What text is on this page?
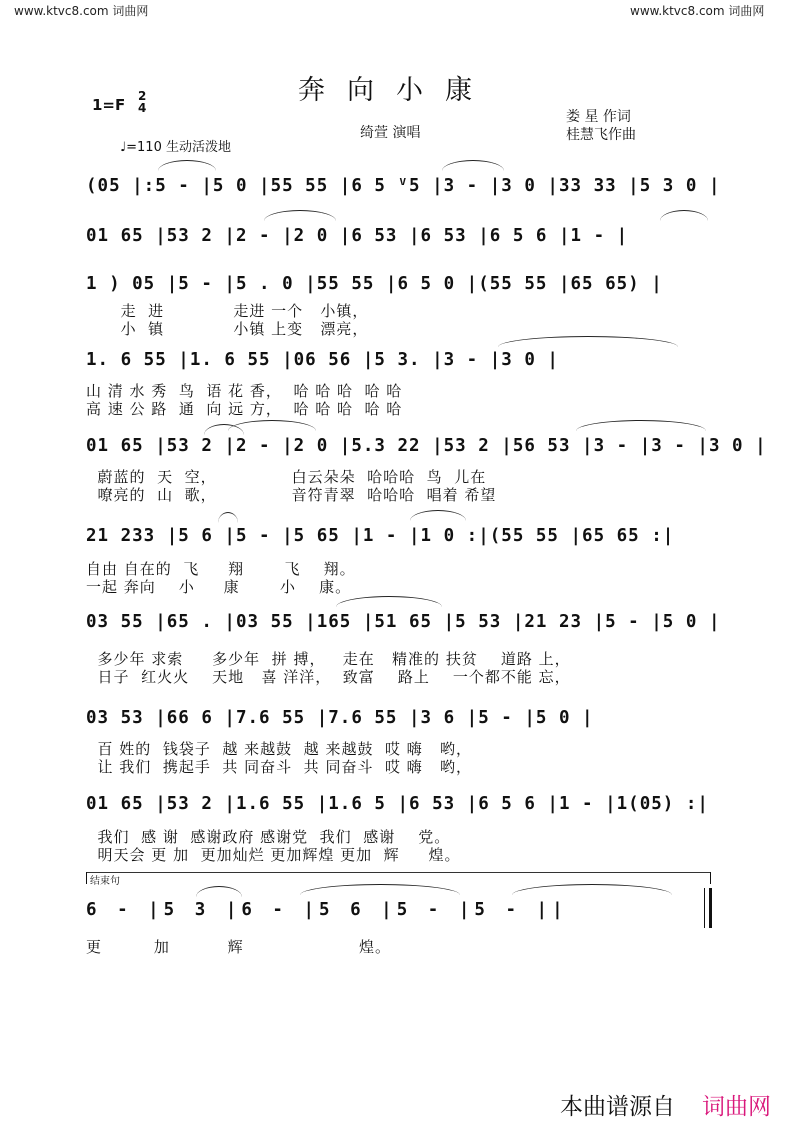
www.ktvc8.com 词曲网	www.ktvc8.com 词曲网
奔向小康
1=F 2
4
♩=110 生动活泼地
绮萱 演唱
娄 星 作词
桂慧飞作曲
(05 |:5 - |5 0 |55 55 |6 5 ⱽ5 |3 - |3 0 |33 33 |5 3 0 |
01 65 |53 2 |2 - |2 0 |6 53 |6 53 |6 5 6 |1 - |
1 ) 05 |5 - |5 . 0 |55 55 |6 5 0 |(55 55 |65 65) |
走  进            走进 一个   小镇，
小  镇            小镇 上变   漂亮，
1. 6 55 |1. 6 55 |06 56 |5 3. |3 - |3 0 |
山 清 水 秀  鸟  语 花 香，  哈 哈 哈  哈 哈
高 速 公 路  通  向 远 方，  哈 哈 哈  哈 哈
01 65 |53 2 |2 - |2 0 |5.3 22 |53 2 |56 53 |3 - |3 - |3 0 |
蔚蓝的  天  空，             白云朵朵  哈哈哈  鸟  儿在
嘹亮的  山  歌，             音符青翠  哈哈哈  唱着 希望
21 233 |5 6 |5 - |5 65 |1 - |1 0 :|(55 55 |65 65 :|
自由 自在的  飞     翔       飞    翔。
一起 奔向    小     康       小    康。
03 55 |65 . |03 55 |165 |51 65 |5 53 |21 23 |5 - |5 0 |
多少年 求索     多少年  拼 搏，   走在   精准的 扶贫    道路 上，
日子  红火火    天地   喜 洋洋，  致富    路上    一个都不能 忘，
03 53 |66 6 |7.6 55 |7.6 55 |3 6 |5 - |5 0 |
百 姓的  钱袋子  越 来越鼓  越 来越鼓  哎 嗨   哟，
让 我们  携起手  共 同奋斗  共 同奋斗  哎 嗨   哟，
01 65 |53 2 |1.6 55 |1.6 5 |6 53 |6 5 6 |1 - |1(05) :|
我们  感 谢  感谢政府 感谢党  我们  感谢    党。
明天会 更 加  更加灿烂 更加辉煌 更加  辉     煌。
结束句
6 - |5 3 |6 - |5 6 |5 - |5 - ||
更         加          辉                    煌。
本曲谱源自 词曲网
